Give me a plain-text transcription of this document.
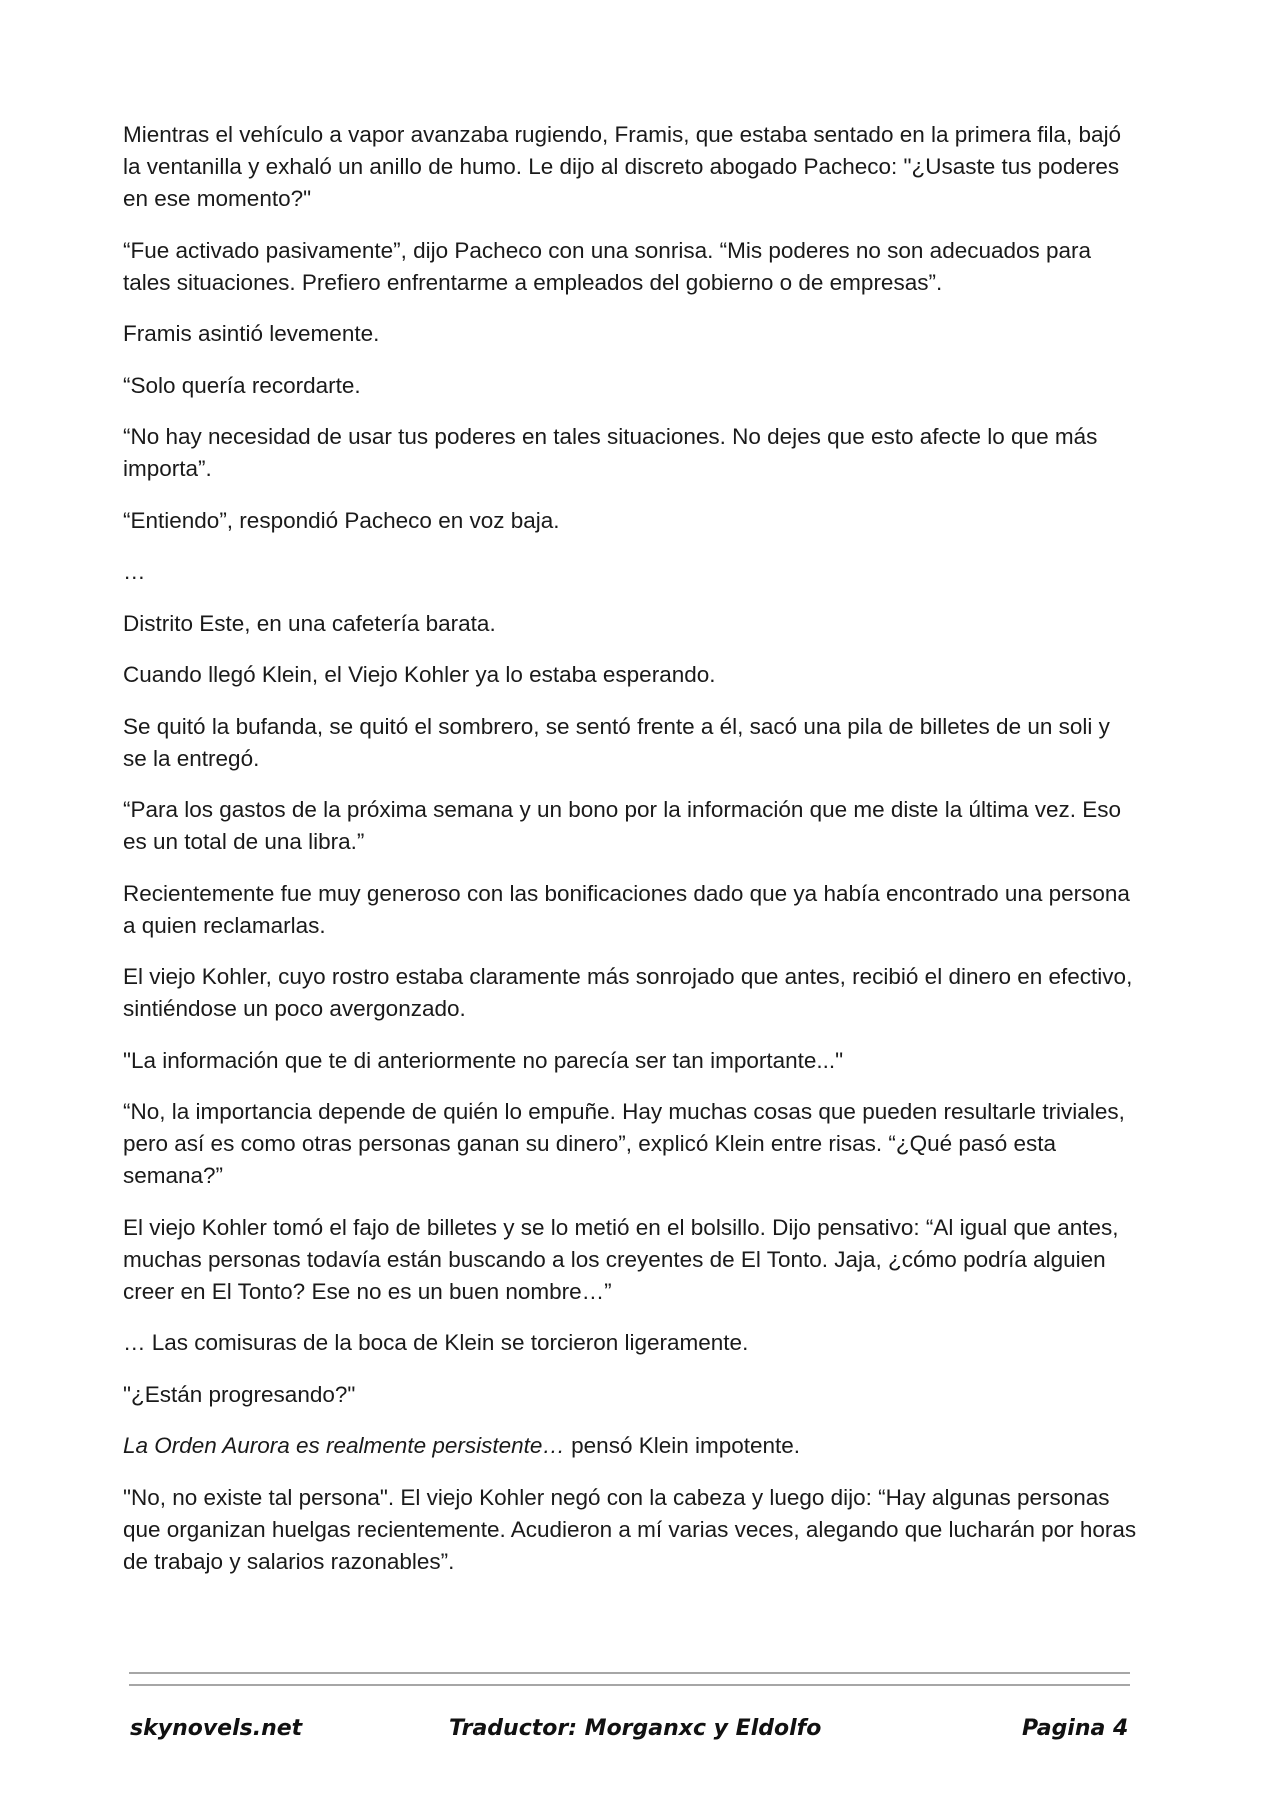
Mientras el vehículo a vapor avanzaba rugiendo, Framis, que estaba sentado en la primera fila, bajó la ventanilla y exhaló un anillo de humo. Le dijo al discreto abogado Pacheco: "¿Usaste tus poderes en ese momento?"

“Fue activado pasivamente”, dijo Pacheco con una sonrisa. “Mis poderes no son adecuados para tales situaciones. Prefiero enfrentarme a empleados del gobierno o de empresas”.

Framis asintió levemente.

“Solo quería recordarte.

“No hay necesidad de usar tus poderes en tales situaciones. No dejes que esto afecte lo que más importa”.

“Entiendo”, respondió Pacheco en voz baja.

…

Distrito Este, en una cafetería barata.

Cuando llegó Klein, el Viejo Kohler ya lo estaba esperando.

Se quitó la bufanda, se quitó el sombrero, se sentó frente a él, sacó una pila de billetes de un soli y se la entregó.

“Para los gastos de la próxima semana y un bono por la información que me diste la última vez. Eso es un total de una libra.”

Recientemente fue muy generoso con las bonificaciones dado que ya había encontrado una persona a quien reclamarlas.

El viejo Kohler, cuyo rostro estaba claramente más sonrojado que antes, recibió el dinero en efectivo, sintiéndose un poco avergonzado.

"La información que te di anteriormente no parecía ser tan importante..."

“No, la importancia depende de quién lo empuñe. Hay muchas cosas que pueden resultarle triviales, pero así es como otras personas ganan su dinero”, explicó Klein entre risas. “¿Qué pasó esta semana?”

El viejo Kohler tomó el fajo de billetes y se lo metió en el bolsillo. Dijo pensativo: “Al igual que antes, muchas personas todavía están buscando a los creyentes de El Tonto. Jaja, ¿cómo podría alguien creer en El Tonto? Ese no es un buen nombre…”

… Las comisuras de la boca de Klein se torcieron ligeramente.

"¿Están progresando?"

La Orden Aurora es realmente persistente… pensó Klein impotente.

"No, no existe tal persona". El viejo Kohler negó con la cabeza y luego dijo: “Hay algunas personas que organizan huelgas recientemente. Acudieron a mí varias veces, alegando que lucharán por horas de trabajo y salarios razonables”.

skynovels.net	Traductor: Morganxc y Eldolfo	Pagina 4
